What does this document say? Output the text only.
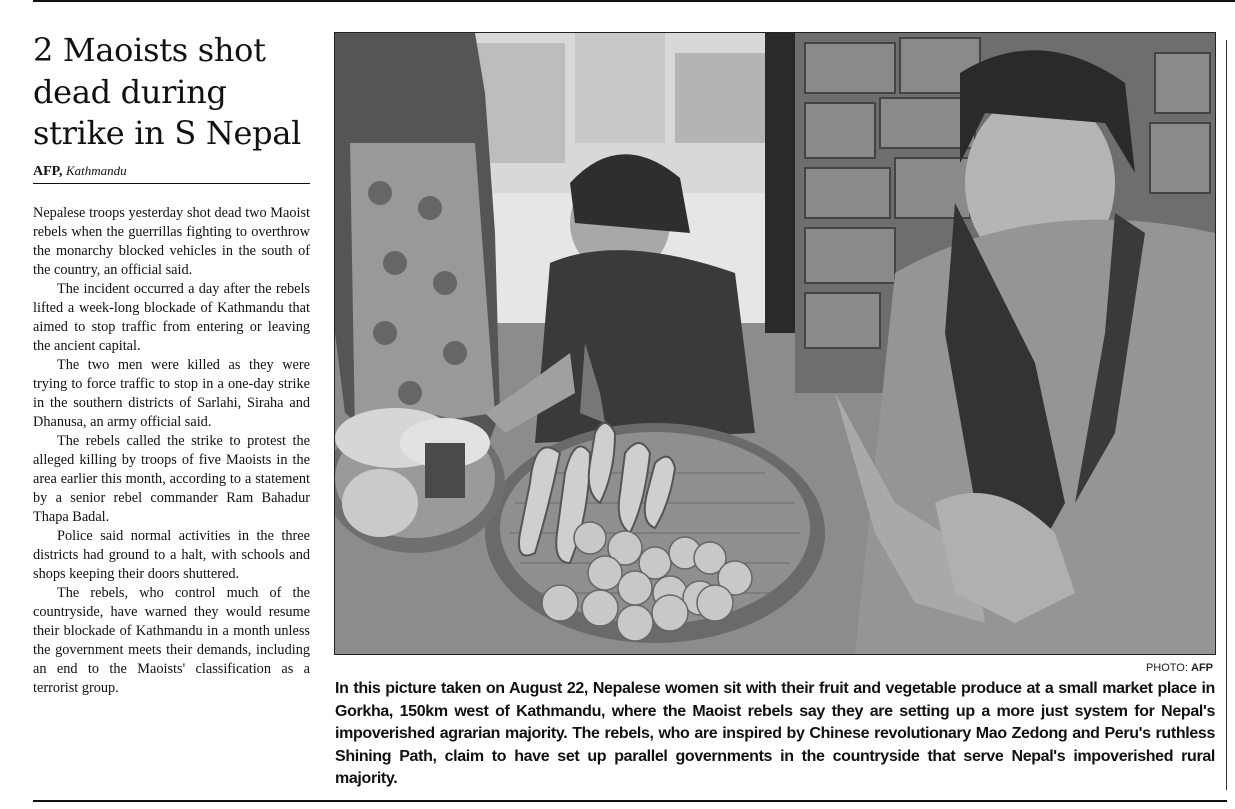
2 Maoists shot dead during strike in S Nepal
AFP, Kathmandu

Nepalese troops yesterday shot dead two Maoist rebels when the guerrillas fighting to overthrow the monarchy blocked vehicles in the south of the country, an official said.

The incident occurred a day after the rebels lifted a week-long blockade of Kathmandu that aimed to stop traffic from entering or leaving the ancient capital.

The two men were killed as they were trying to force traffic to stop in a one-day strike in the southern districts of Sarlahi, Siraha and Dhanusa, an army official said.

The rebels called the strike to protest the alleged killing by troops of five Maoists in the area earlier this month, according to a statement by a senior rebel commander Ram Bahadur Thapa Badal.

Police said normal activities in the three districts had ground to a halt, with schools and shops keeping their doors shuttered.

The rebels, who control much of the countryside, have warned they would resume their blockade of Kathmandu in a month unless the government meets their demands, including an end to the Maoists' classification as a terrorist group.

PHOTO: AFP
In this picture taken on August 22, Nepalese women sit with their fruit and vegetable produce at a small market place in Gorkha, 150km west of Kathmandu, where the Maoist rebels say they are setting up a more just system for Nepal's impoverished agrarian majority. The rebels, who are inspired by Chinese revolutionary Mao Zedong and Peru's ruthless Shining Path, claim to have set up parallel governments in the countryside that serve Nepal's impoverished rural majority.
